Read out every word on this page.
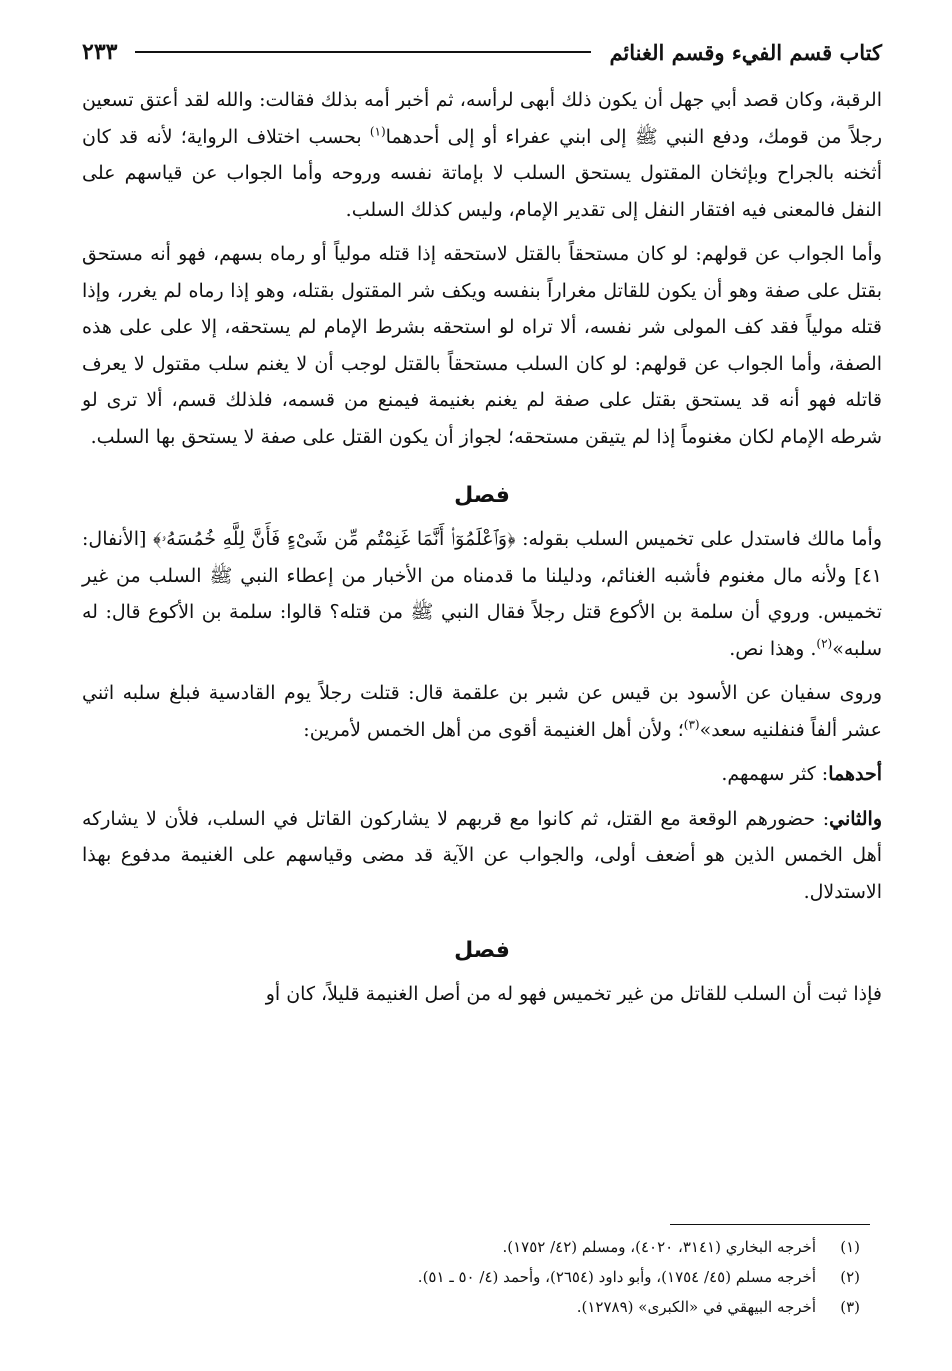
كتاب قسم الفيء وقسم الغنائم
٢٣٣

الرقبة، وكان قصد أبي جهل أن يكون ذلك أبهى لرأسه، ثم أخبر أمه بذلك فقالت: والله لقد أعتق تسعين رجلاً من قومك، ودفع النبي ﷺ إلى ابني عفراء أو إلى أحدهما$^{(١)}$ بحسب اختلاف الرواية؛ لأنه قد كان أثخنه بالجراح وبإثخان المقتول يستحق السلب لا بإماتة نفسه وروحه وأما الجواب عن قياسهم على النفل فالمعنى فيه افتقار النفل إلى تقدير الإمام، وليس كذلك السلب.

وأما الجواب عن قولهم: لو كان مستحقاً بالقتل لاستحقه إذا قتله مولياً أو رماه بسهم، فهو أنه مستحق بقتل على صفة وهو أن يكون للقاتل مغراراً بنفسه ويكف شر المقتول بقتله، وهو إذا رماه لم يغرر، وإذا قتله مولياً فقد كف المولى شر نفسه، ألا تراه لو استحقه بشرط الإمام لم يستحقه، إلا على على هذه الصفة، وأما الجواب عن قولهم: لو كان السلب مستحقاً بالقتل لوجب أن لا يغنم سلب مقتول لا يعرف قاتله فهو أنه قد يستحق بقتل على صفة لم يغنم بغنيمة فيمنع من قسمه، فلذلك قسم، ألا ترى لو شرطه الإمام لكان مغنوماً إذا لم يتيقن مستحقه؛ لجواز أن يكون القتل على صفة لا يستحق بها السلب.

فصل

وأما مالك فاستدل على تخميس السلب بقوله: ﴿وَٱعْلَمُوٓا۟ أَنَّمَا غَنِمْتُم مِّن شَىْءٍ فَأَنَّ لِلَّهِ خُمُسَهُۥ﴾ [الأنفال: ٤١] ولأنه مال مغنوم فأشبه الغنائم، ودليلنا ما قدمناه من الأخبار من إعطاء النبي ﷺ السلب من غير تخميس. وروي أن سلمة بن الأكوع قتل رجلاً فقال النبي ﷺ من قتله؟ قالوا: سلمة بن الأكوع قال: له سلبه»$^{(٢)}$. وهذا نص.

وروى سفيان عن الأسود بن قيس عن شبر بن علقمة قال: قتلت رجلاً يوم القادسية فبلغ سلبه اثني عشر ألفاً فنفلنيه سعد»$^{(٣)}$؛ ولأن أهل الغنيمة أقوى من أهل الخمس لأمرين:

أحدهما: كثر سهمهم.

والثاني: حضورهم الوقعة مع القتل، ثم كانوا مع قربهم لا يشاركون القاتل في السلب، فلأن لا يشاركه أهل الخمس الذين هو أضعف أولى، والجواب عن الآية قد مضى وقياسهم على الغنيمة مدفوع بهذا الاستدلال.

فصل

فإذا ثبت أن السلب للقاتل من غير تخميس فهو له من أصل الغنيمة قليلاً، كان أو

(١)
أخرجه البخاري (٣١٤١، ٤٠٢٠)، ومسلم (٤٢/ ١٧٥٢).
(٢)
أخرجه مسلم (٤٥/ ١٧٥٤)، وأبو داود (٢٦٥٤)، وأحمد (٤/ ٥٠ ـ ٥١).
(٣)
أخرجه البيهقي في «الكبرى» (١٢٧٨٩).
